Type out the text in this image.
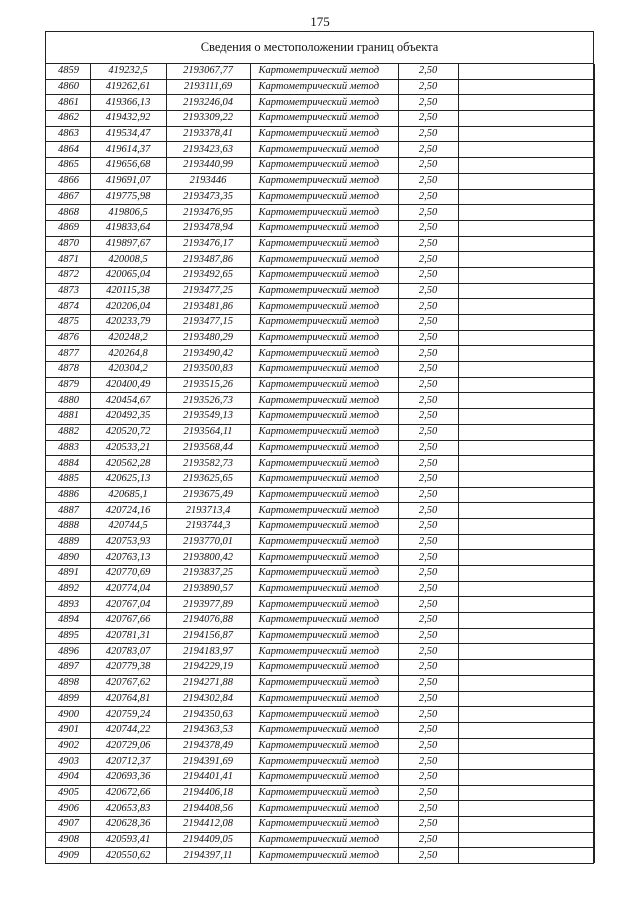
175
Сведения о местоположении границ объекта
4859	419232,5	2193067,77	Картометрический метод	2,50		
4860	419262,61	2193111,69	Картометрический метод	2,50		
4861	419366,13	2193246,04	Картометрический метод	2,50		
4862	419432,92	2193309,22	Картометрический метод	2,50		
4863	419534,47	2193378,41	Картометрический метод	2,50		
4864	419614,37	2193423,63	Картометрический метод	2,50		
4865	419656,68	2193440,99	Картометрический метод	2,50		
4866	419691,07	2193446	Картометрический метод	2,50		
4867	419775,98	2193473,35	Картометрический метод	2,50		
4868	419806,5	2193476,95	Картометрический метод	2,50		
4869	419833,64	2193478,94	Картометрический метод	2,50		
4870	419897,67	2193476,17	Картометрический метод	2,50		
4871	420008,5	2193487,86	Картометрический метод	2,50		
4872	420065,04	2193492,65	Картометрический метод	2,50		
4873	420115,38	2193477,25	Картометрический метод	2,50		
4874	420206,04	2193481,86	Картометрический метод	2,50		
4875	420233,79	2193477,15	Картометрический метод	2,50		
4876	420248,2	2193480,29	Картометрический метод	2,50		
4877	420264,8	2193490,42	Картометрический метод	2,50		
4878	420304,2	2193500,83	Картометрический метод	2,50		
4879	420400,49	2193515,26	Картометрический метод	2,50		
4880	420454,67	2193526,73	Картометрический метод	2,50		
4881	420492,35	2193549,13	Картометрический метод	2,50		
4882	420520,72	2193564,11	Картометрический метод	2,50		
4883	420533,21	2193568,44	Картометрический метод	2,50		
4884	420562,28	2193582,73	Картометрический метод	2,50		
4885	420625,13	2193625,65	Картометрический метод	2,50		
4886	420685,1	2193675,49	Картометрический метод	2,50		
4887	420724,16	2193713,4	Картометрический метод	2,50		
4888	420744,5	2193744,3	Картометрический метод	2,50		
4889	420753,93	2193770,01	Картометрический метод	2,50		
4890	420763,13	2193800,42	Картометрический метод	2,50		
4891	420770,69	2193837,25	Картометрический метод	2,50		
4892	420774,04	2193890,57	Картометрический метод	2,50		
4893	420767,04	2193977,89	Картометрический метод	2,50		
4894	420767,66	2194076,88	Картометрический метод	2,50		
4895	420781,31	2194156,87	Картометрический метод	2,50		
4896	420783,07	2194183,97	Картометрический метод	2,50		
4897	420779,38	2194229,19	Картометрический метод	2,50		
4898	420767,62	2194271,88	Картометрический метод	2,50		
4899	420764,81	2194302,84	Картометрический метод	2,50		
4900	420759,24	2194350,63	Картометрический метод	2,50		
4901	420744,22	2194363,53	Картометрический метод	2,50		
4902	420729,06	2194378,49	Картометрический метод	2,50		
4903	420712,37	2194391,69	Картометрический метод	2,50		
4904	420693,36	2194401,41	Картометрический метод	2,50		
4905	420672,66	2194406,18	Картометрический метод	2,50		
4906	420653,83	2194408,56	Картометрический метод	2,50		
4907	420628,36	2194412,08	Картометрический метод	2,50		
4908	420593,41	2194409,05	Картометрический метод	2,50		
4909	420550,62	2194397,11	Картометрический метод	2,50		
